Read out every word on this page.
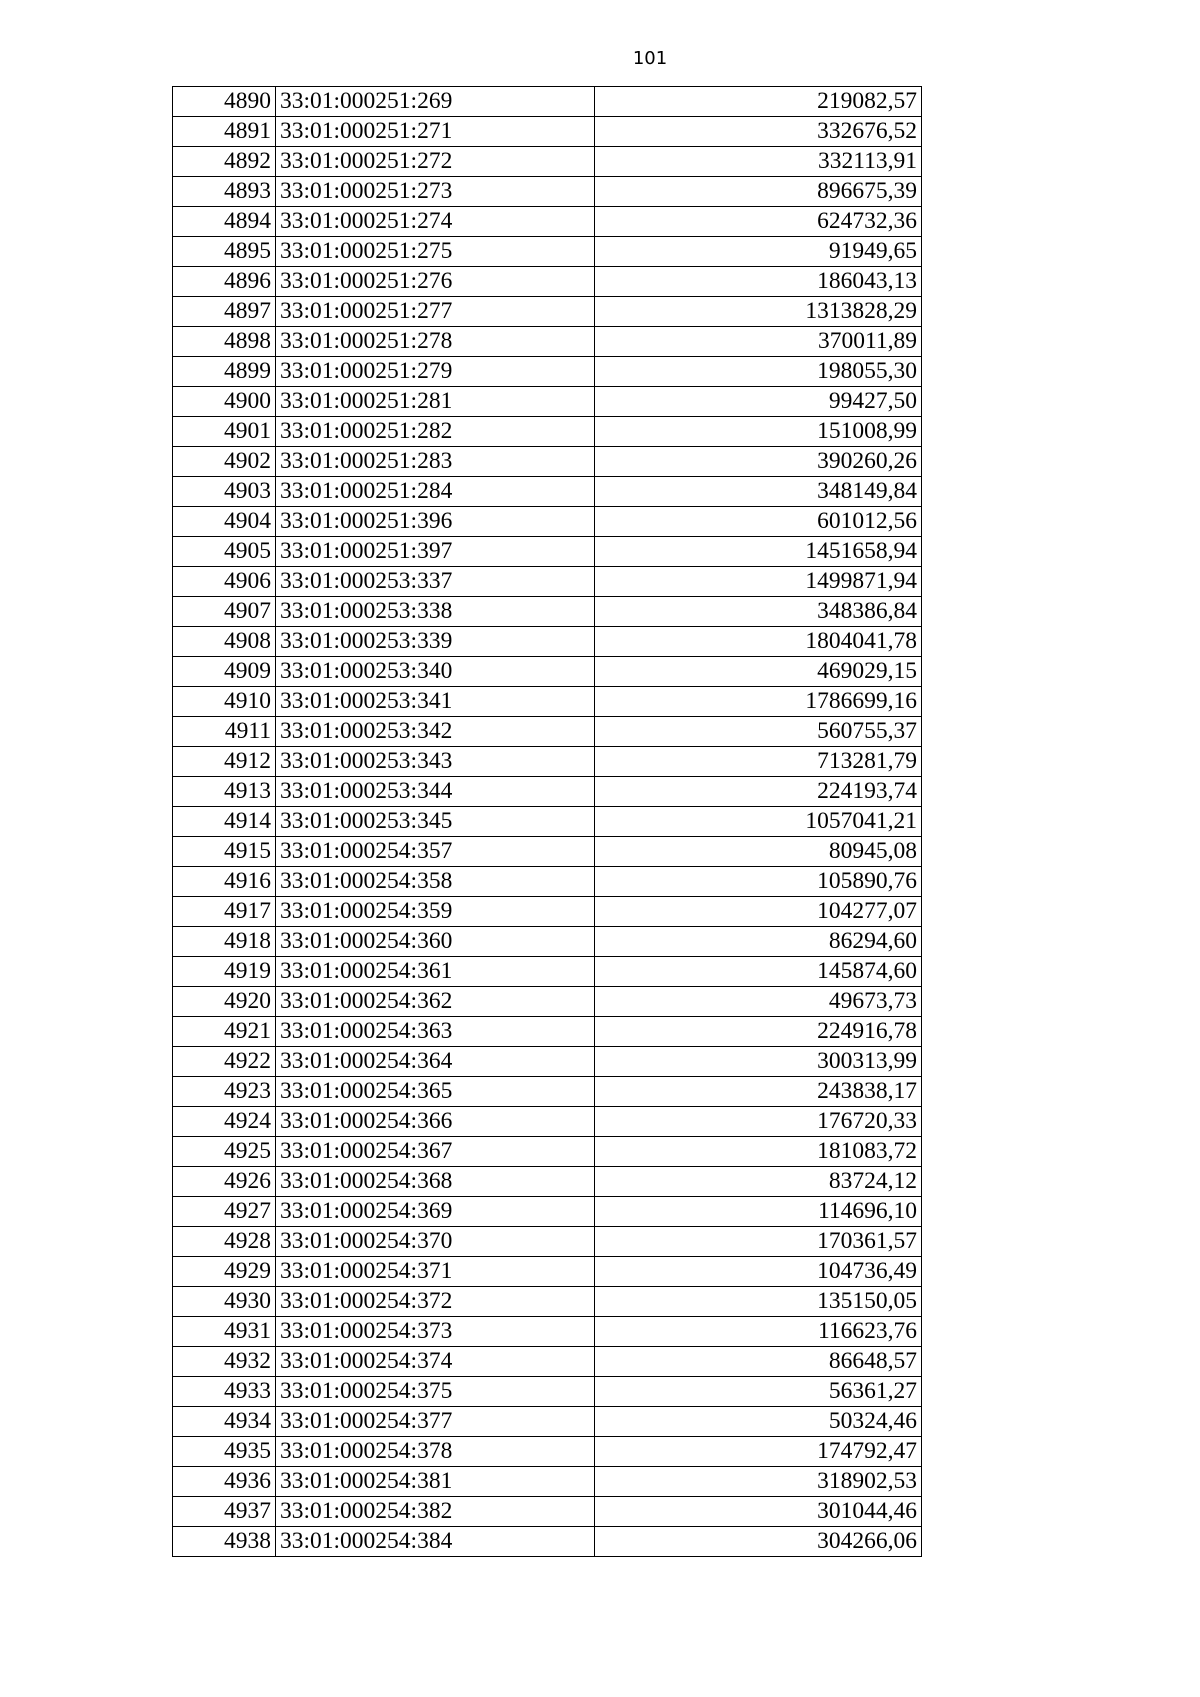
101
4890	33:01:000251:269	219082,57
4891	33:01:000251:271	332676,52
4892	33:01:000251:272	332113,91
4893	33:01:000251:273	896675,39
4894	33:01:000251:274	624732,36
4895	33:01:000251:275	91949,65
4896	33:01:000251:276	186043,13
4897	33:01:000251:277	1313828,29
4898	33:01:000251:278	370011,89
4899	33:01:000251:279	198055,30
4900	33:01:000251:281	99427,50
4901	33:01:000251:282	151008,99
4902	33:01:000251:283	390260,26
4903	33:01:000251:284	348149,84
4904	33:01:000251:396	601012,56
4905	33:01:000251:397	1451658,94
4906	33:01:000253:337	1499871,94
4907	33:01:000253:338	348386,84
4908	33:01:000253:339	1804041,78
4909	33:01:000253:340	469029,15
4910	33:01:000253:341	1786699,16
4911	33:01:000253:342	560755,37
4912	33:01:000253:343	713281,79
4913	33:01:000253:344	224193,74
4914	33:01:000253:345	1057041,21
4915	33:01:000254:357	80945,08
4916	33:01:000254:358	105890,76
4917	33:01:000254:359	104277,07
4918	33:01:000254:360	86294,60
4919	33:01:000254:361	145874,60
4920	33:01:000254:362	49673,73
4921	33:01:000254:363	224916,78
4922	33:01:000254:364	300313,99
4923	33:01:000254:365	243838,17
4924	33:01:000254:366	176720,33
4925	33:01:000254:367	181083,72
4926	33:01:000254:368	83724,12
4927	33:01:000254:369	114696,10
4928	33:01:000254:370	170361,57
4929	33:01:000254:371	104736,49
4930	33:01:000254:372	135150,05
4931	33:01:000254:373	116623,76
4932	33:01:000254:374	86648,57
4933	33:01:000254:375	56361,27
4934	33:01:000254:377	50324,46
4935	33:01:000254:378	174792,47
4936	33:01:000254:381	318902,53
4937	33:01:000254:382	301044,46
4938	33:01:000254:384	304266,06
